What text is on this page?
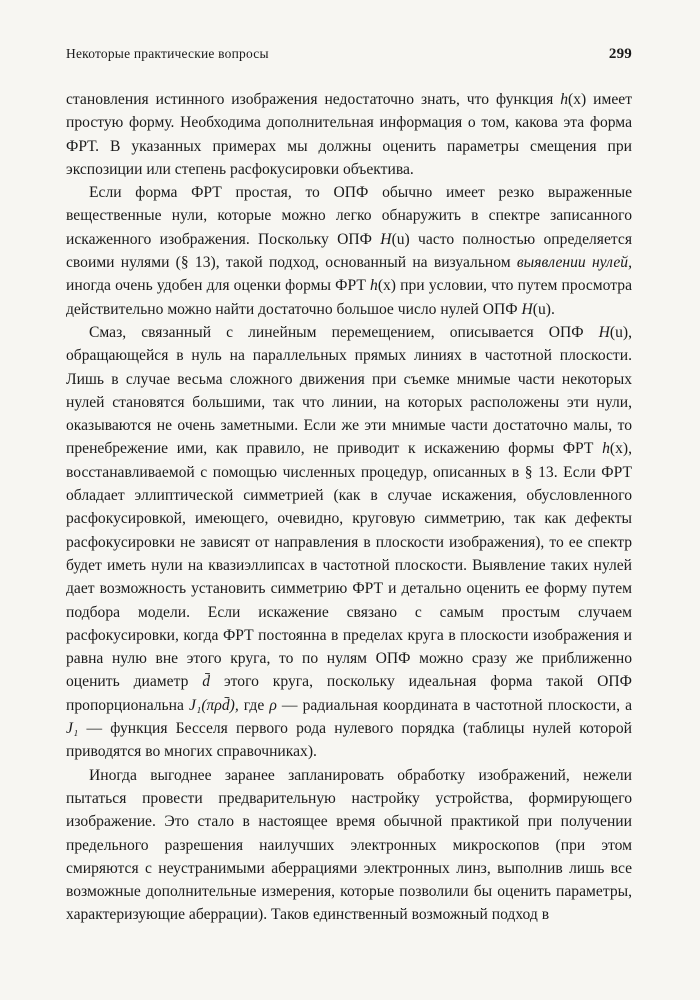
Некоторые практические вопросы	299

становления истинного изображения недостаточно знать, что функция h(x) имеет простую форму. Необходима дополнительная информация о том, какова эта форма ФРТ. В указанных примерах мы должны оценить параметры смещения при экспозиции или степень расфокусировки объектива.

Если форма ФРТ простая, то ОПФ обычно имеет резко выраженные вещественные нули, которые можно легко обнаружить в спектре записанного искаженного изображения. Поскольку ОПФ H(u) часто полностью определяется своими нулями (§ 13), такой подход, основанный на визуальном выявлении нулей, иногда очень удобен для оценки формы ФРТ h(x) при условии, что путем просмотра действительно можно найти достаточно большое число нулей ОПФ H(u).

Смаз, связанный с линейным перемещением, описывается ОПФ H(u), обращающейся в нуль на параллельных прямых линиях в частотной плоскости. Лишь в случае весьма сложного движения при съемке мнимые части некоторых нулей становятся большими, так что линии, на которых расположены эти нули, оказываются не очень заметными. Если же эти мнимые части достаточно малы, то пренебрежение ими, как правило, не приводит к искажению формы ФРТ h(x), восстанавливаемой с помощью численных процедур, описанных в § 13. Если ФРТ обладает эллиптической симметрией (как в случае искажения, обусловленного расфокусировкой, имеющего, очевидно, круговую симметрию, так как дефекты расфокусировки не зависят от направления в плоскости изображения), то ее спектр будет иметь нули на квазиэллипсах в частотной плоскости. Выявление таких нулей дает возможность установить симметрию ФРТ и детально оценить ее форму путем подбора модели. Если искажение связано с самым простым случаем расфокусировки, когда ФРТ постоянна в пределах круга в плоскости изображения и равна нулю вне этого круга, то по нулям ОПФ можно сразу же приближенно оценить диаметр d̄ этого круга, поскольку идеальная форма такой ОПФ пропорциональна J₁(πρd̄), где ρ — радиальная координата в частотной плоскости, а J₁ — функция Бесселя первого рода нулевого порядка (таблицы нулей которой приводятся во многих справочниках).

Иногда выгоднее заранее запланировать обработку изображений, нежели пытаться провести предварительную настройку устройства, формирующего изображение. Это стало в настоящее время обычной практикой при получении предельного разрешения наилучших электронных микроскопов (при этом смиряются с неустранимыми аберрациями электронных линз, выполнив лишь все возможные дополнительные измерения, которые позволили бы оценить параметры, характеризующие аберрации). Таков единственный возможный подход в
